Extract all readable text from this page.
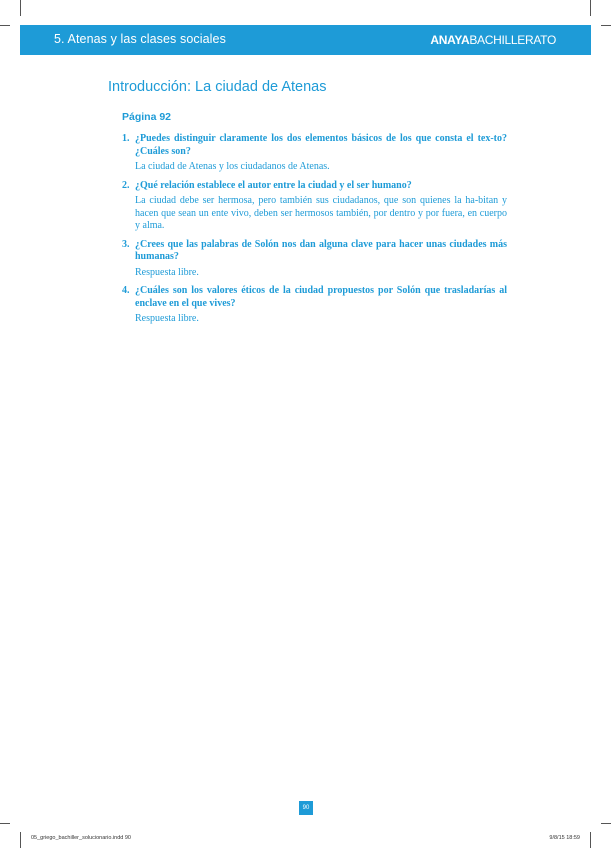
5. Atenas y las clases sociales	ANAYABACHILLERATO
Introducción: La ciudad de Atenas
Página 92
1. ¿Puedes distinguir claramente los dos elementos básicos de los que consta el tex-to? ¿Cuáles son?
La ciudad de Atenas y los ciudadanos de Atenas.
2. ¿Qué relación establece el autor entre la ciudad y el ser humano?
La ciudad debe ser hermosa, pero también sus ciudadanos, que son quienes la ha-bitan y hacen que sean un ente vivo, deben ser hermosos también, por dentro y por fuera, en cuerpo y alma.
3. ¿Crees que las palabras de Solón nos dan alguna clave para hacer unas ciudades más humanas?
Respuesta libre.
4. ¿Cuáles son los valores éticos de la ciudad propuestos por Solón que trasladarías al enclave en el que vives?
Respuesta libre.
90
05_griego_bachiller_solucionario.indd 90	9/8/15 18:59
